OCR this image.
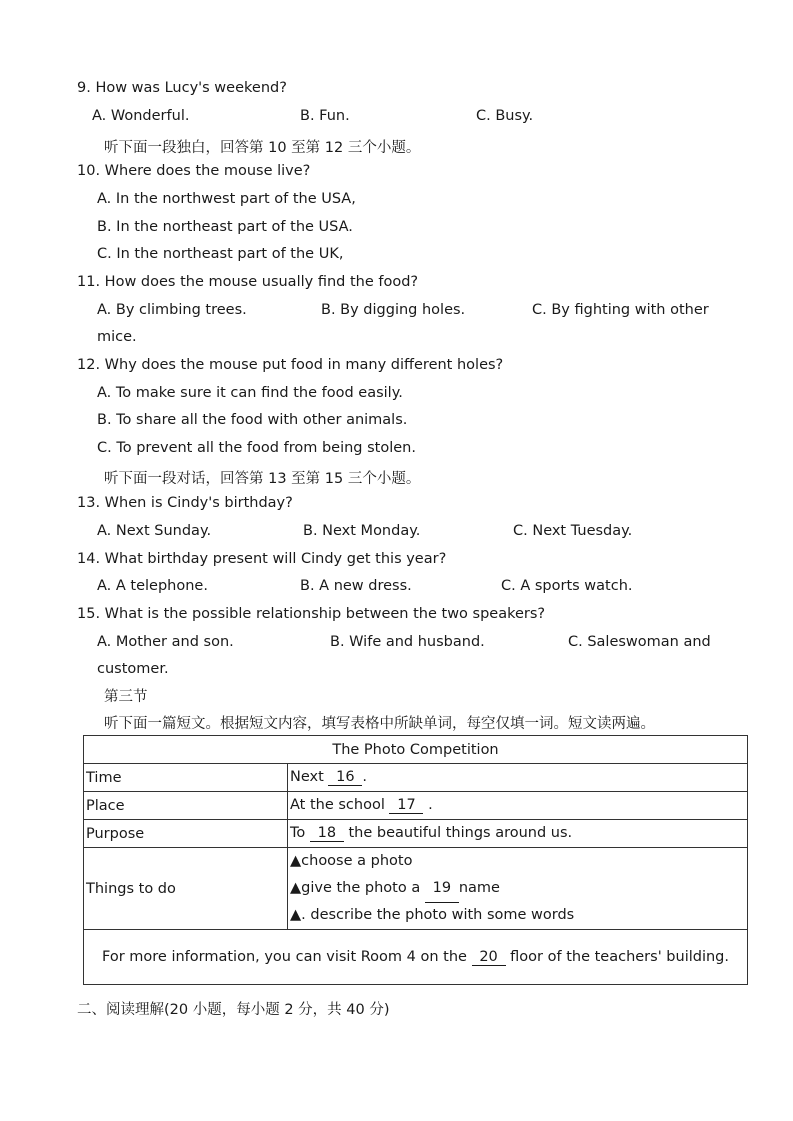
9. How was Lucy's weekend?
A. Wonderful.	B. Fun.	C. Busy.
听下面一段独白，回答第 10 至第 12 三个小题。
10. Where does the mouse live?
A. In the northwest part of the USA,
B. In the northeast part of the USA.
C. In the northeast part of the UK,
11. How does the mouse usually find the food?
A. By climbing trees.	B. By digging holes.	C. By fighting with other
mice.
12. Why does the mouse put food in many different holes?
A. To make sure it can find the food easily.
B. To share all the food with other animals.
C. To prevent all the food from being stolen.
听下面一段对话，回答第 13 至第 15 三个小题。
13. When is Cindy's birthday?
A. Next Sunday.	B. Next Monday.	C. Next Tuesday.
14. What birthday present will Cindy get this year?
A. A telephone.	B. A new dress.	C. A sports watch.
15. What is the possible relationship between the two speakers?
A. Mother and son.	B. Wife and husband.	C. Saleswoman and
customer.
第三节
听下面一篇短文。根据短文内容，填写表格中所缺单词，每空仅填一词。短文读两遍。
The Photo Competition	
Time	Next 16 .
Place	At the school 17 .
Purpose	To 18 the beautiful things around us.
Things to do	▲choose a photo
▲give the photo a 19 name
▲. describe the photo with some words

For more information, you can visit Room 4 on the 20 floor of the teachers' building.	
二、阅读理解(20 小题，每小题 2 分，共 40 分)
